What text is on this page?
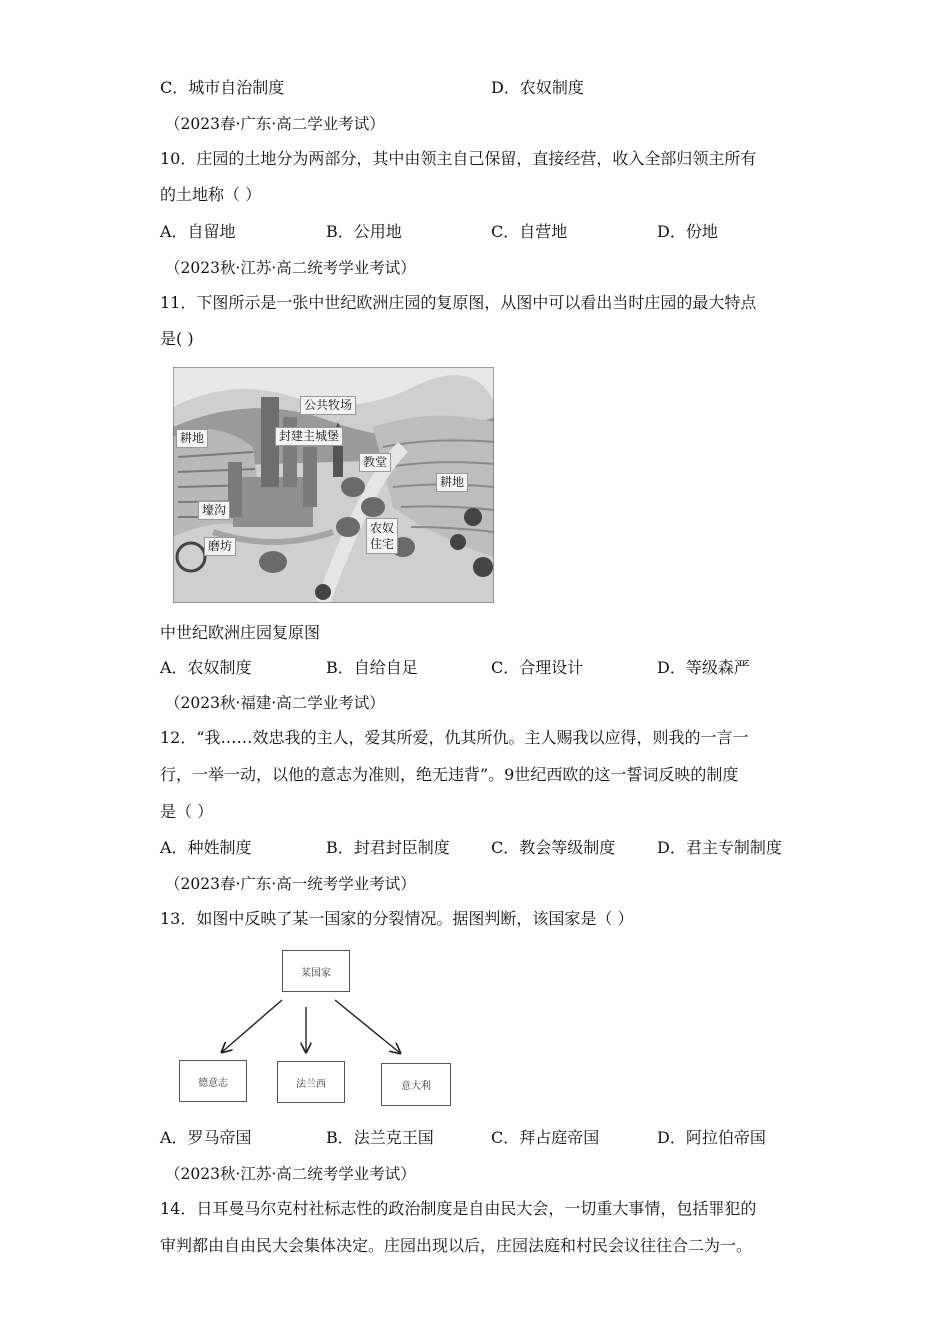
C．城市自治制度	D．农奴制度
（2023春·广东·高二学业考试）
10．庄园的土地分为两部分，其中由领主自己保留，直接经营，收入全部归领主所有
的土地称（ ）
A．自留地	B．公用地	C．自营地	D．份地
（2023秋·江苏·高二统考学业考试）
11．下图所示是一张中世纪欧洲庄园的复原图，从图中可以看出当时庄园的最大特点
是( )
公共牧场
封建主城堡
耕地
教堂
耕地
壕沟
农奴
住宅
磨坊
中世纪欧洲庄园复原图
A．农奴制度	B．自给自足	C．合理设计	D．等级森严
（2023秋·福建·高二学业考试）
12．“我……效忠我的主人，爱其所爱，仇其所仇。主人赐我以应得，则我的一言一
行，一举一动，以他的意志为准则，绝无违背”。9世纪西欧的这一誓词反映的制度
是（ ）
A．种姓制度	B．封君封臣制度	C．教会等级制度	D．君主专制制度
（2023春·广东·高一统考学业考试）
13．如图中反映了某一国家的分裂情况。据图判断，该国家是（ ）
某国家
德意志	法兰西	意大利
A．罗马帝国	B．法兰克王国	C．拜占庭帝国	D．阿拉伯帝国
（2023秋·江苏·高二统考学业考试）
14．日耳曼马尔克村社标志性的政治制度是自由民大会，一切重大事情，包括罪犯的
审判都由自由民大会集体决定。庄园出现以后，庄园法庭和村民会议往往合二为一。
